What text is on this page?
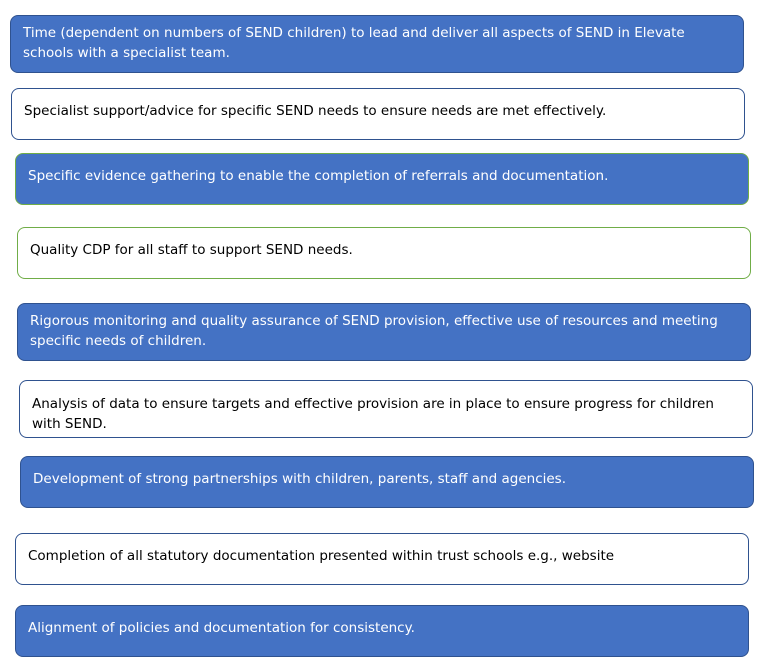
Time (dependent on numbers of SEND children) to lead and deliver all aspects of SEND in Elevate schools with a specialist team.
Specialist support/advice for specific SEND needs to ensure needs are met effectively.
Specific evidence gathering to enable the completion of referrals and documentation.
Quality CDP for all staff to support SEND needs.
Rigorous monitoring and quality assurance of SEND provision, effective use of resources and meeting specific needs of children.
Analysis of data to ensure targets and effective provision are in place to ensure progress for children with SEND.
Development of strong partnerships with children, parents, staff and agencies.
Completion of all statutory documentation presented within trust schools e.g., website
Alignment of policies and documentation for consistency.
